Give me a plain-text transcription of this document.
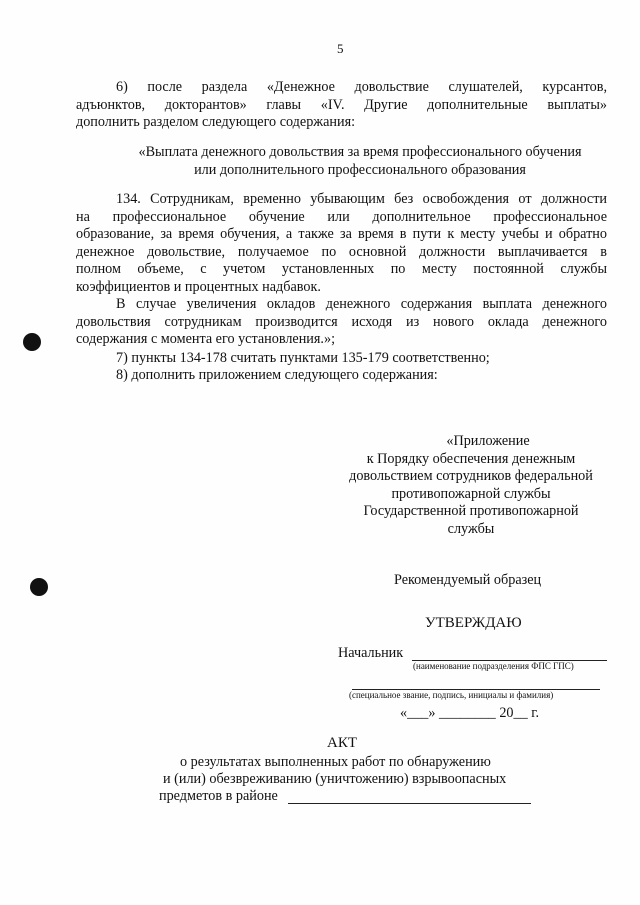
5
6) после раздела «Денежное довольствие слушателей, курсантов,
адъюнктов, докторантов» главы «IV. Другие дополнительные выплаты»
дополнить разделом следующего содержания:
«Выплата денежного довольствия за время профессионального обучения
или дополнительного профессионального образования
134. Сотрудникам, временно убывающим без освобождения от должности
на профессиональное обучение или дополнительное профессиональное
образование, за время обучения, а также за время в пути к месту учебы и обратно
денежное довольствие, получаемое по основной должности выплачивается в
полном объеме, с учетом установленных по месту постоянной службы
коэффициентов и процентных надбавок.
В случае увеличения окладов денежного содержания выплата денежного
довольствия сотрудникам производится исходя из нового оклада денежного
содержания с момента его установления.»;
7) пункты 134-178 считать пунктами 135-179 соответственно;
8) дополнить приложением следующего содержания:
«Приложение
к Порядку обеспечения денежным
довольствием сотрудников федеральной
противопожарной службы
Государственной противопожарной
службы
Рекомендуемый образец
УТВЕРЖДАЮ
Начальник
(наименование подразделения ФПС ГПС)
(специальное звание, подпись, инициалы и фамилия)
«___» ________ 20__ г.
АКТ
о результатах выполненных работ по обнаружению
и (или) обезвреживанию (уничтожению) взрывоопасных
предметов в районе
